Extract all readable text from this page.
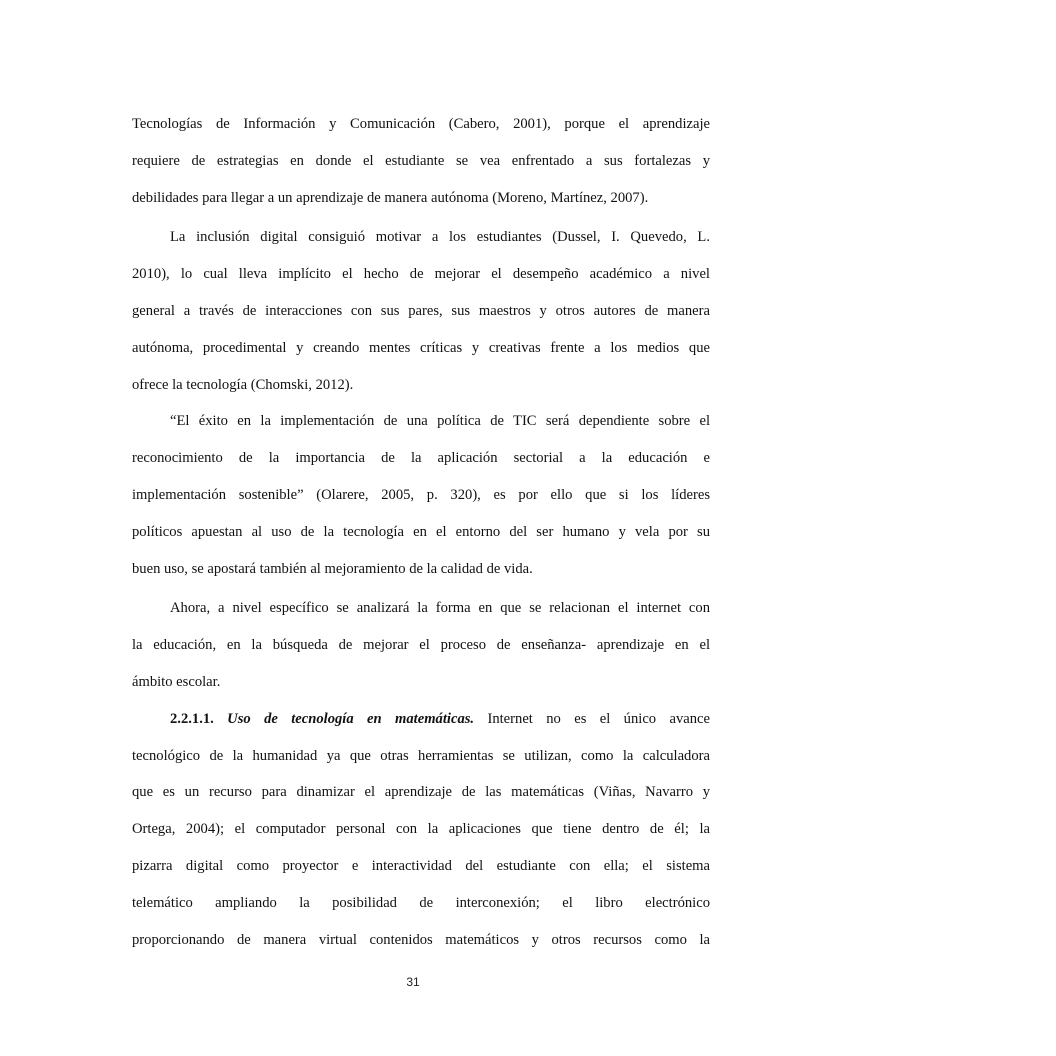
Tecnologías de Información y Comunicación (Cabero, 2001), porque el aprendizaje
requiere de estrategias en donde el estudiante se vea enfrentado a sus fortalezas y
debilidades para llegar a un aprendizaje de manera autónoma (Moreno, Martínez, 2007).
La inclusión digital consiguió motivar a los estudiantes (Dussel, I. Quevedo, L.
2010), lo cual lleva implícito el hecho de mejorar el desempeño académico a nivel
general a través de interacciones con sus pares, sus maestros y otros autores de manera
autónoma, procedimental y creando mentes críticas y creativas frente a los medios que
ofrece la tecnología (Chomski, 2012).
“El éxito en la implementación de una política de TIC será dependiente sobre el
reconocimiento de la importancia de la aplicación sectorial a la educación e
implementación sostenible” (Olarere, 2005, p. 320), es por ello que si los líderes
políticos apuestan al uso de la tecnología en el entorno del ser humano y vela por su
buen uso, se apostará también al mejoramiento de la calidad de vida.
Ahora, a nivel específico se analizará la forma en que se relacionan el internet con
la educación, en la búsqueda de mejorar el proceso de enseñanza- aprendizaje en el
ámbito escolar.
2.2.1.1. Uso de tecnología en matemáticas. Internet no es el único avance
tecnológico de la humanidad ya que otras herramientas se utilizan, como la calculadora
que es un recurso para dinamizar el aprendizaje de las matemáticas (Viñas, Navarro y
Ortega, 2004); el computador personal con la aplicaciones que tiene dentro de él; la
pizarra digital como proyector e interactividad del estudiante con ella; el sistema
telemático ampliando la posibilidad de interconexión; el libro electrónico
proporcionando de manera virtual contenidos matemáticos y otros recursos como la
31
